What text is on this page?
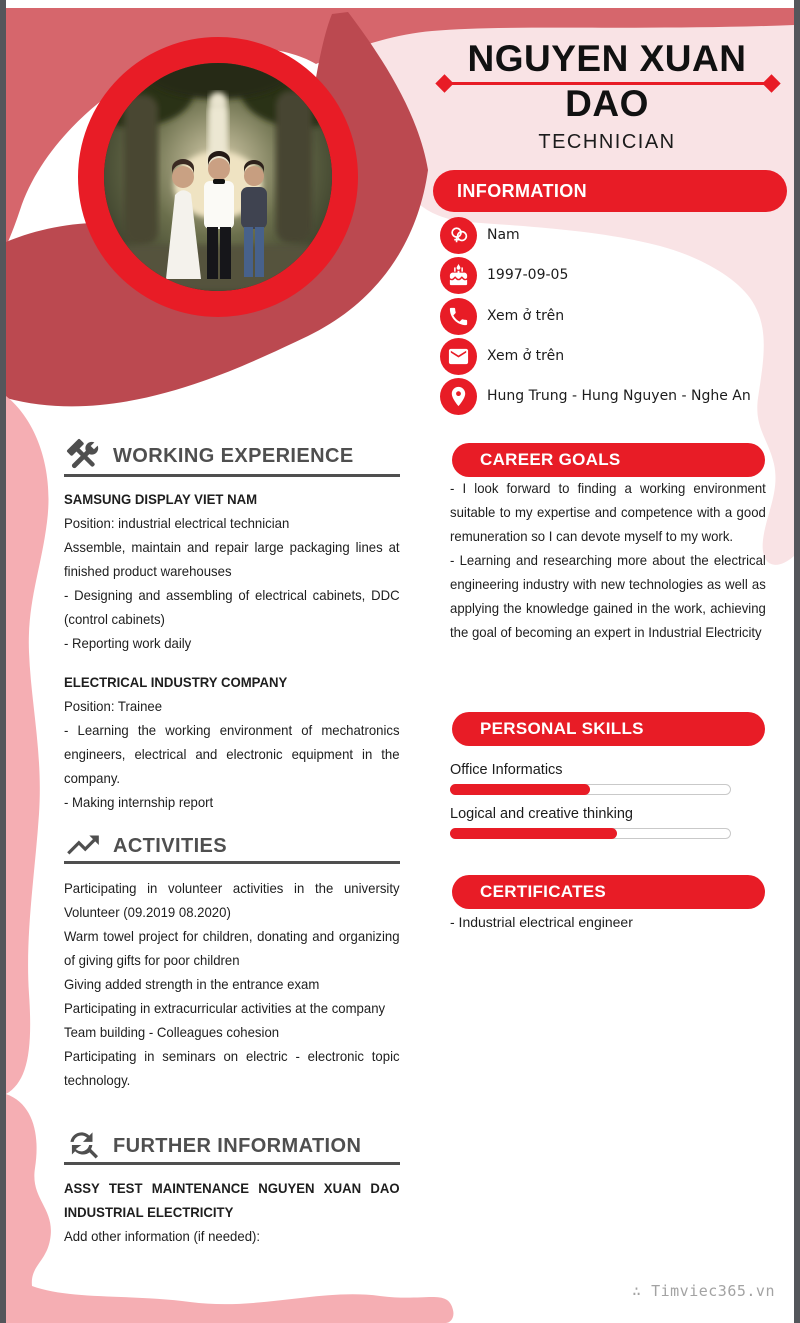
NGUYEN XUAN DAO
TECHNICIAN
INFORMATION
Nam
1997-09-05
Xem ở trên
Xem ở trên
Hung Trung - Hung Nguyen - Nghe An
WORKING EXPERIENCE

SAMSUNG DISPLAY VIET NAM

Position: industrial electrical technician

Assemble, maintain and repair large packaging lines at finished product warehouses

- Designing and assembling of electrical cabinets, DDC (control cabinets)

- Reporting work daily

ELECTRICAL INDUSTRY COMPANY

Position: Trainee

- Learning the working environment of mechatronics engineers, electrical and electronic equipment in the company.

- Making internship report

ACTIVITIES

Participating in volunteer activities in the university Volunteer (09.2019 08.2020)

Warm towel project for children, donating and organizing of giving gifts for poor children

Giving added strength in the entrance exam

Participating in extracurricular activities at the company

Team building - Colleagues cohesion

Participating in seminars on electric - electronic topic technology.

FURTHER INFORMATION

ASSY TEST MAINTENANCE NGUYEN XUAN DAO INDUSTRIAL ELECTRICITY

Add other information (if needed):

CAREER GOALS

- I look forward to finding a working environment suitable to my expertise and competence with a good remuneration so I can devote myself to my work.

- Learning and researching more about the electrical engineering industry with new technologies as well as applying the knowledge gained in the work, achieving the goal of becoming an expert in Industrial Electricity

PERSONAL SKILLS
Office Informatics
Logical and creative thinking
CERTIFICATES

- Industrial electrical engineer

∴ Timviec365.vn
